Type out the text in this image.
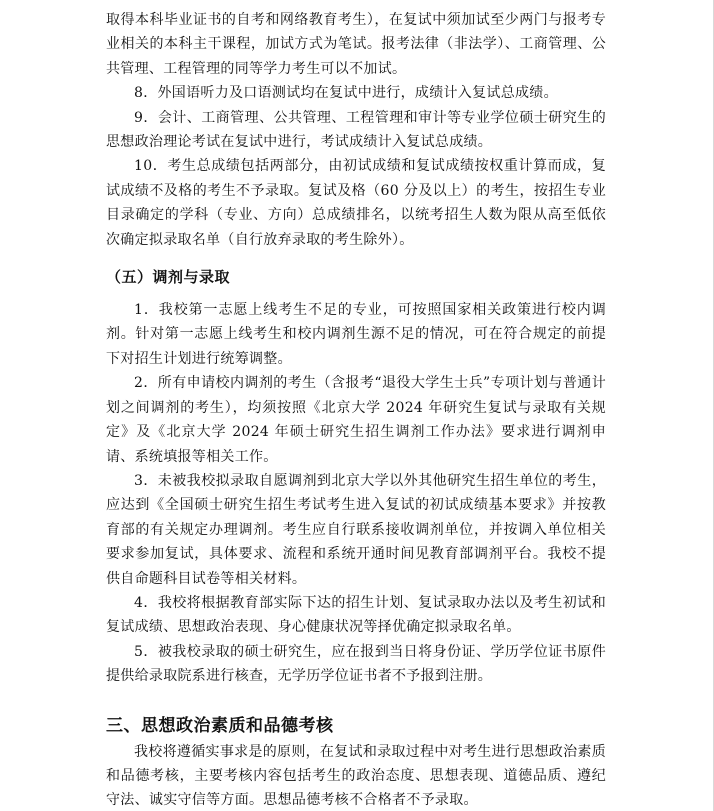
取得本科毕业证书的自考和网络教育考生），在复试中须加试至少两门与报考专业相关的本科主干课程，加试方式为笔试。报考法律（非法学）、工商管理、公共管理、工程管理的同等学力考生可以不加试。

8．外国语听力及口语测试均在复试中进行，成绩计入复试总成绩。

9．会计、工商管理、公共管理、工程管理和审计等专业学位硕士研究生的思想政治理论考试在复试中进行，考试成绩计入复试总成绩。

10．考生总成绩包括两部分，由初试成绩和复试成绩按权重计算而成，复试成绩不及格的考生不予录取。复试及格（60 分及以上）的考生，按招生专业目录确定的学科（专业、方向）总成绩排名，以统考招生人数为限从高至低依次确定拟录取名单（自行放弃录取的考生除外）。

（五）调剂与录取

1．我校第一志愿上线考生不足的专业，可按照国家相关政策进行校内调剂。针对第一志愿上线考生和校内调剂生源不足的情况，可在符合规定的前提下对招生计划进行统筹调整。

2．所有申请校内调剂的考生（含报考“退役大学生士兵”专项计划与普通计划之间调剂的考生），均须按照《北京大学 2024 年研究生复试与录取有关规定》及《北京大学 2024 年硕士研究生招生调剂工作办法》要求进行调剂申请、系统填报等相关工作。

3．未被我校拟录取自愿调剂到北京大学以外其他研究生招生单位的考生，应达到《全国硕士研究生招生考试考生进入复试的初试成绩基本要求》并按教育部的有关规定办理调剂。考生应自行联系接收调剂单位，并按调入单位相关要求参加复试，具体要求、流程和系统开通时间见教育部调剂平台。我校不提供自命题科目试卷等相关材料。

4．我校将根据教育部实际下达的招生计划、复试录取办法以及考生初试和复试成绩、思想政治表现、身心健康状况等择优确定拟录取名单。

5．被我校录取的硕士研究生，应在报到当日将身份证、学历学位证书原件提供给录取院系进行核查，无学历学位证书者不予报到注册。

三、思想政治素质和品德考核

我校将遵循实事求是的原则，在复试和录取过程中对考生进行思想政治素质和品德考核，主要考核内容包括考生的政治态度、思想表现、道德品质、遵纪守法、诚实守信等方面。思想品德考核不合格者不予录取。
